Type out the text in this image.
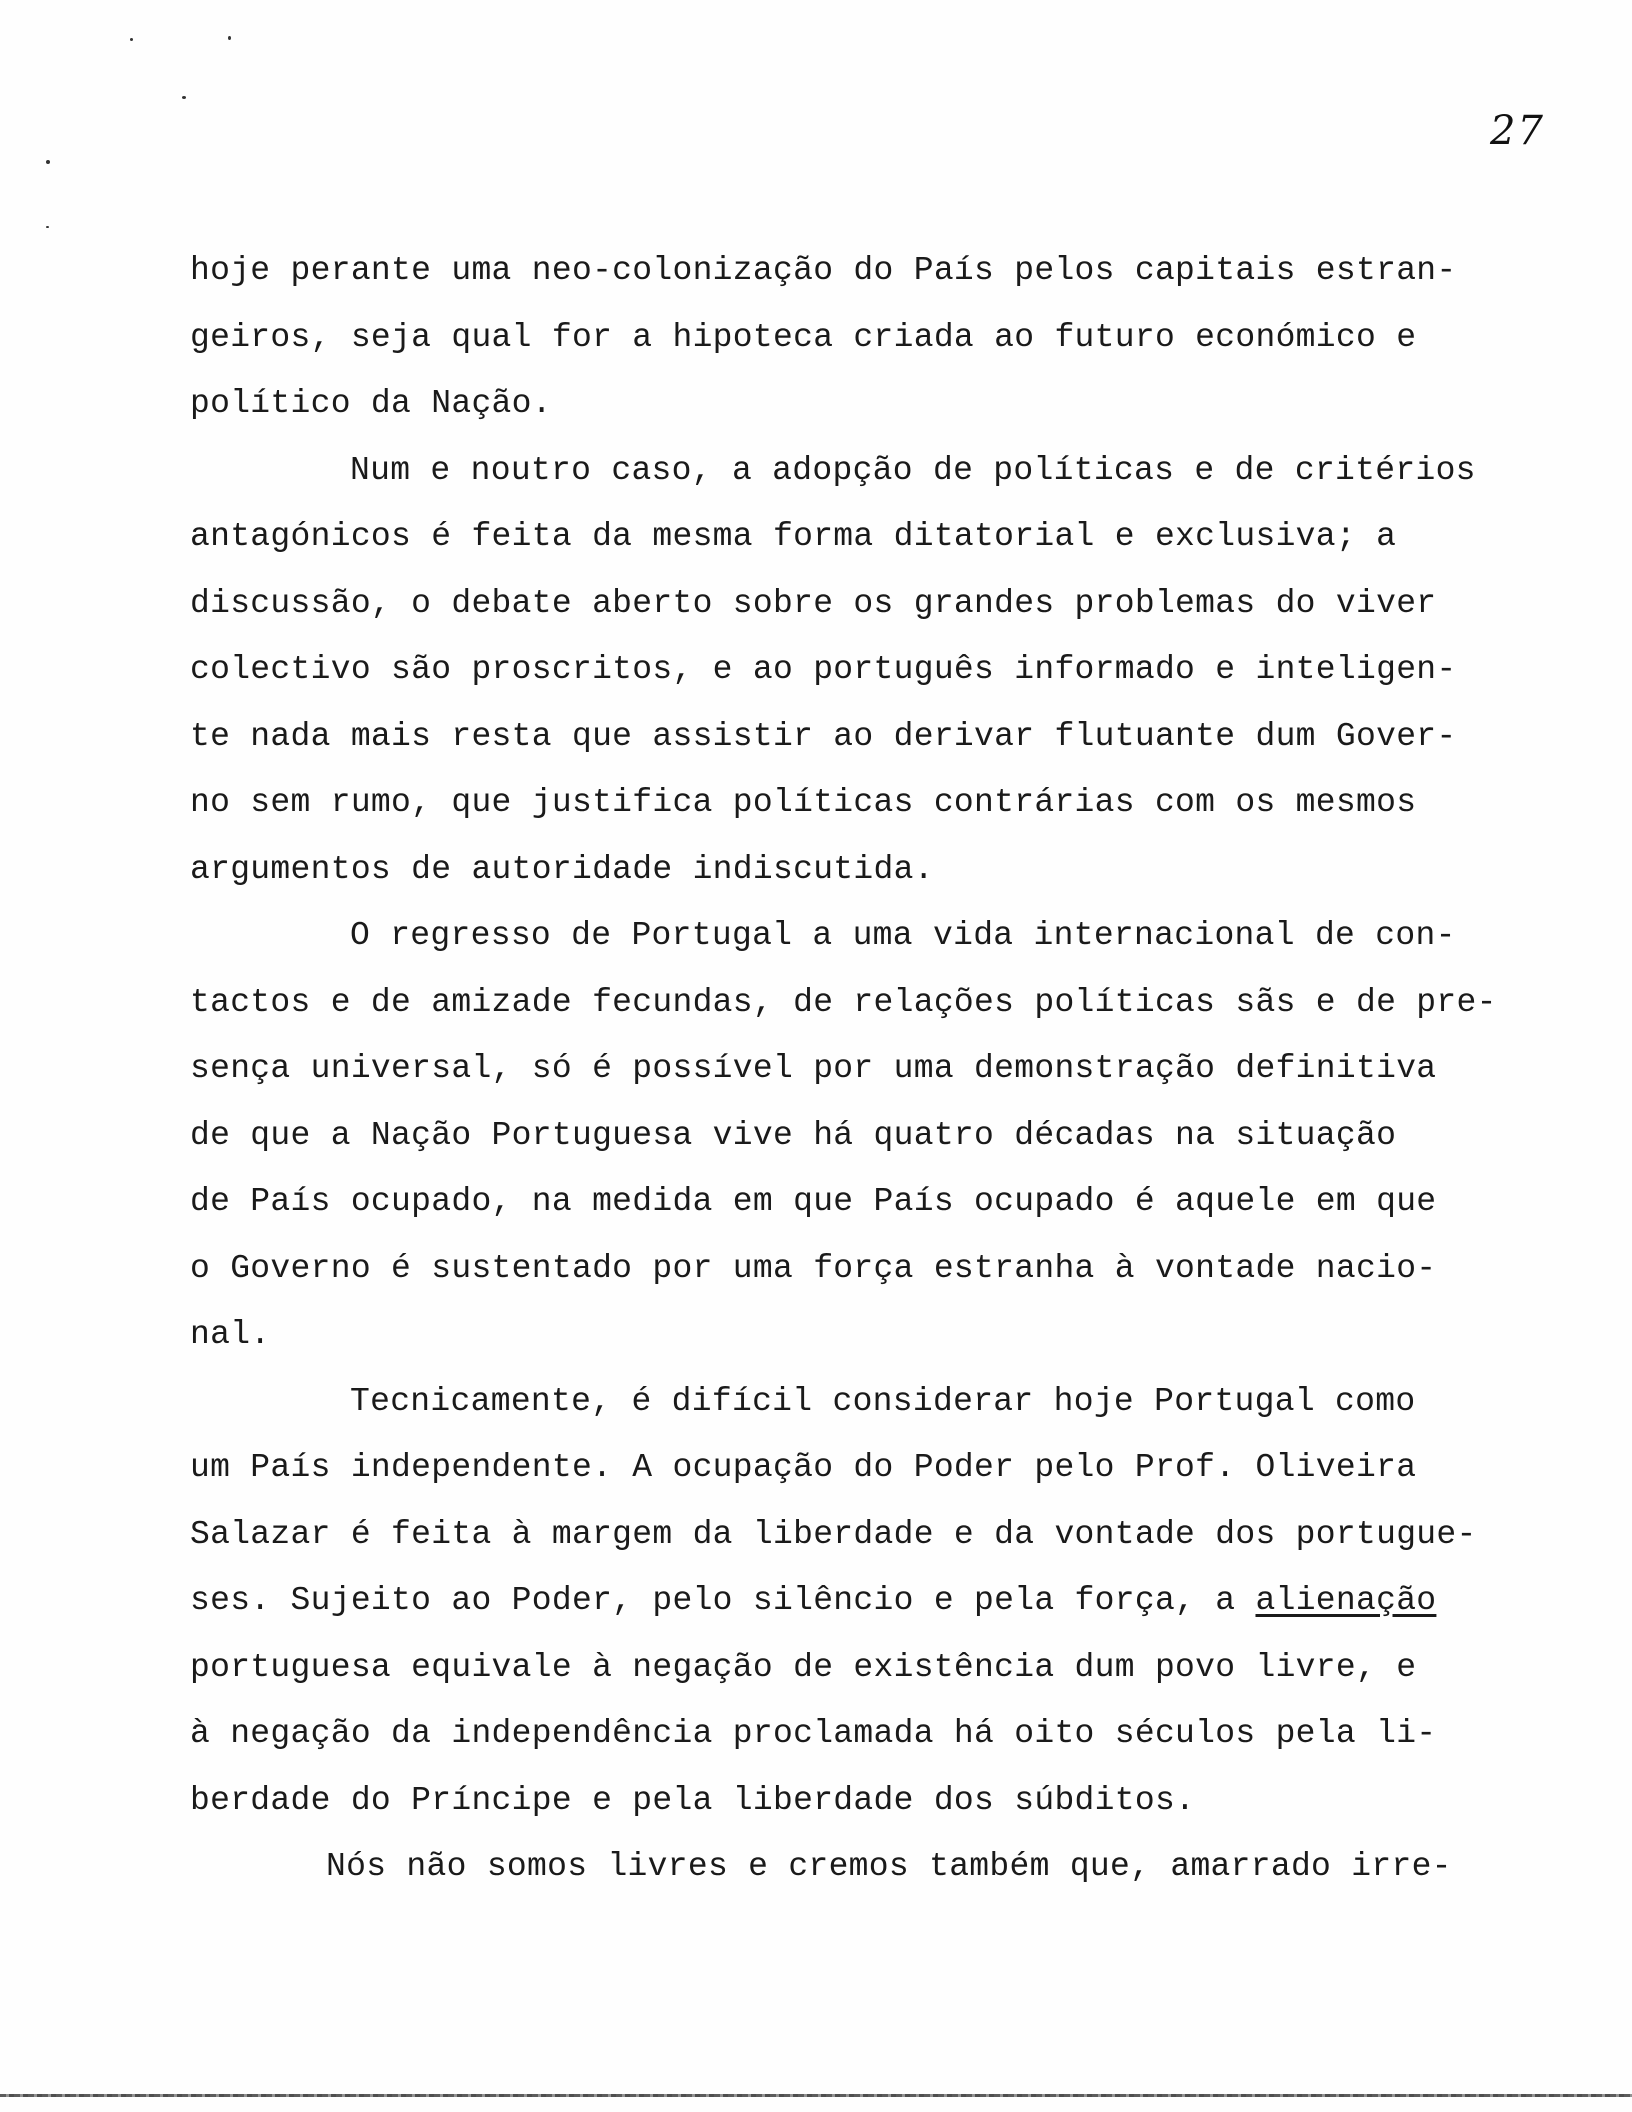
27
hoje perante uma neo-colonização do País pelos capitais estran-
geiros, seja qual for a hipoteca criada ao futuro económico e
político da Nação.
Num e noutro caso, a adopção de políticas e de critérios
antagónicos é feita da mesma forma ditatorial e exclusiva; a
discussão, o debate aberto sobre os grandes problemas do viver
colectivo são proscritos, e ao português informado e inteligen-
te nada mais resta que assistir ao derivar flutuante dum Gover-
no sem rumo, que justifica políticas contrárias com os mesmos
argumentos de autoridade indiscutida.
O regresso de Portugal a uma vida internacional de con-
tactos e de amizade fecundas, de relações políticas sãs e de pre-
sença universal, só é possível por uma demonstração definitiva
de que a Nação Portuguesa vive há quatro décadas na situação
de País ocupado, na medida em que País ocupado é aquele em que
o Governo é sustentado por uma força estranha à vontade nacio-
nal.
Tecnicamente, é difícil considerar hoje Portugal como
um País independente. A ocupação do Poder pelo Prof. Oliveira
Salazar é feita à margem da liberdade e da vontade dos portugue-
ses. Sujeito ao Poder, pelo silêncio e pela força, a alienação
portuguesa equivale à negação de existência dum povo livre, e
à negação da independência proclamada há oito séculos pela li-
berdade do Príncipe e pela liberdade dos súbditos.
Nós não somos livres e cremos também que, amarrado irre-
